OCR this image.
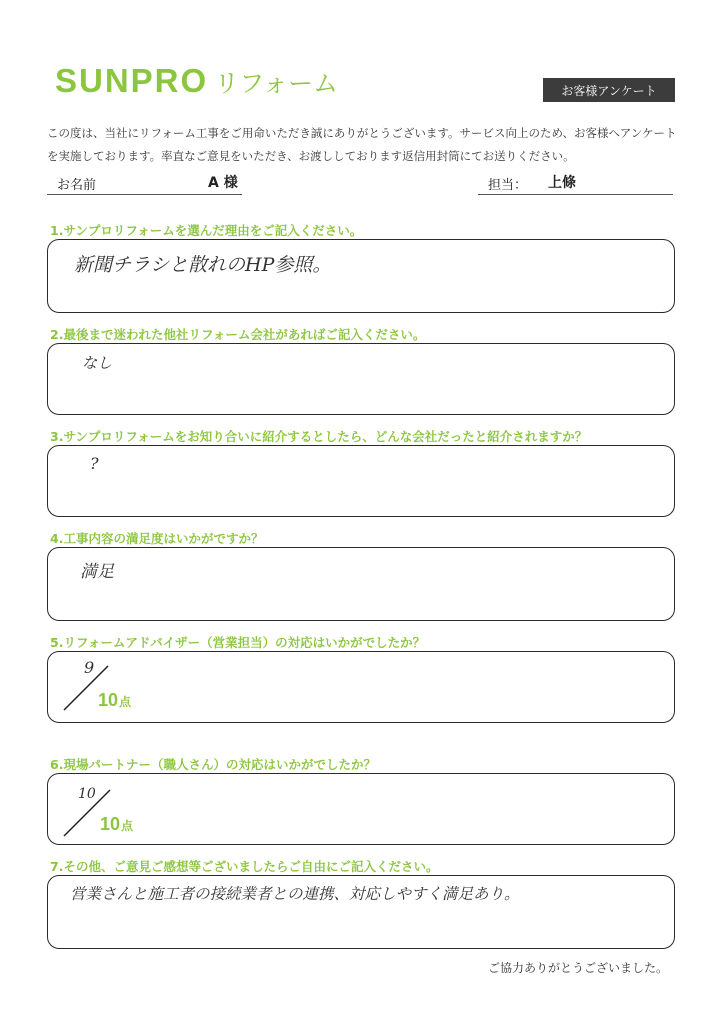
SUNPRO リフォーム	お客様アンケート
この度は、当社にリフォーム工事をご用命いただき誠にありがとうございます。サービス向上のため、お客様へアンケートを実施しております。率直なご意見をいただき、お渡ししております返信用封筒にてお送りください。
お名前	A 様	担当： 上條
1.サンプロリフォームを選んだ理由をご記入ください。
新聞チラシと散れのHP参照。
2.最後まで迷われた他社リフォーム会社があればご記入ください。
なし
3.サンプロリフォームをお知り合いに紹介するとしたら、どんな会社だったと紹介されますか？
?
4.工事内容の満足度はいかがですか？
満足
5.リフォームアドバイザー（営業担当）の対応はいかがでしたか？
9
10点
6.現場パートナー（職人さん）の対応はいかがでしたか？
10
10点
7.その他、ご意見ご感想等ございましたらご自由にご記入ください。
営業さんと施工者の接続業者との連携、対応しやすく満足あり。
ご協力ありがとうございました。
